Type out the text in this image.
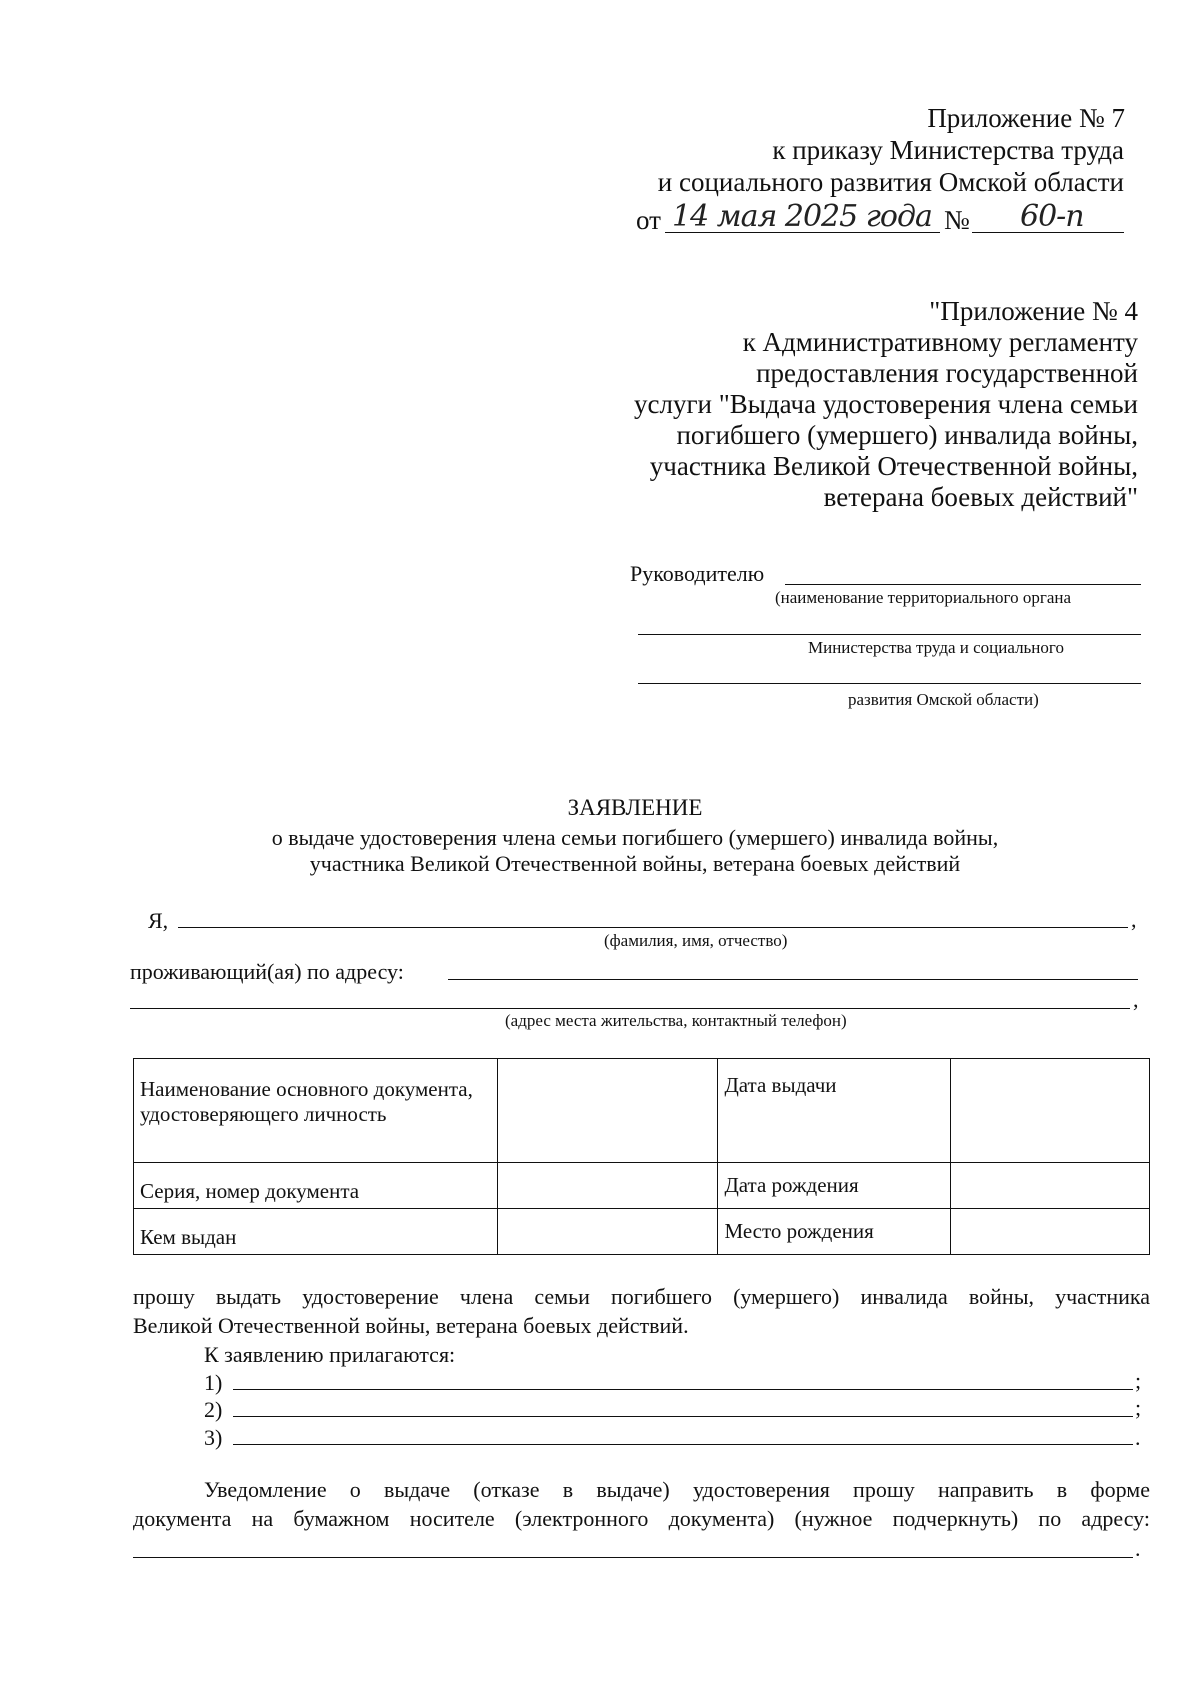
Приложение № 7
к приказу Министерства труда
и социального развития Омской области
от 14 мая 2025 года № 60-п
"Приложение № 4
к Административному регламенту
предоставления государственной
услуги "Выдача удостоверения члена семьи
погибшего (умершего) инвалида войны,
участника Великой Отечественной войны,
ветерана боевых действий"
Руководителю
(наименование территориального органа
Министерства труда и социального
развития Омской области)
ЗАЯВЛЕНИЕ
о выдаче удостоверения члена семьи погибшего (умершего) инвалида войны,
участника Великой Отечественной войны, ветерана боевых действий
Я,	,
(фамилия, имя, отчество)
проживающий(ая) по адресу:
,
(адрес места жительства, контактный телефон)
Наименование основного документа, удостоверяющего личность		Дата выдачи	
Серия, номер документа		Дата рождения	
Кем выдан		Место рождения	
прошу выдать удостоверение члена семьи погибшего (умершего) инвалида войны, участника
Великой Отечественной войны, ветерана боевых действий.
К заявлению прилагаются:
1)	;
2)	;
3)	.
Уведомление о выдаче (отказе в выдаче) удостоверения прошу направить в форме
документа на бумажном носителе (электронного документа) (нужное подчеркнуть) по адресу:
.
